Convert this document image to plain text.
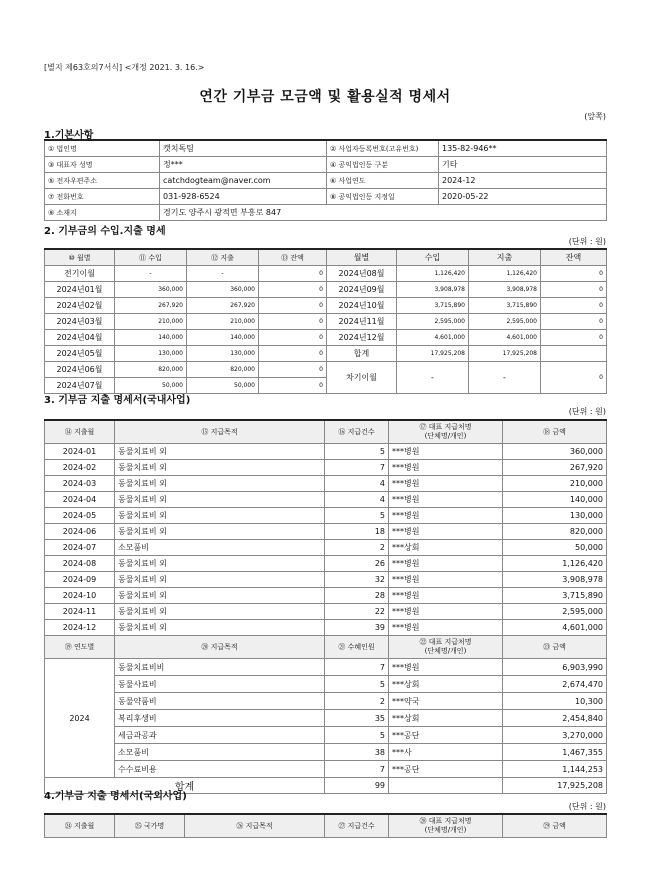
[별지 제63호의7서식] <개정 2021. 3. 16.>
연간 기부금 모금액 및 활용실적 명세서
(앞쪽)
1.기본사항
① 법인명	캣치독팀	② 사업자등록번호(고유번호)	135-82-946**
③ 대표자 성명	정***	④ 공익법인등 구분	기타
⑤ 전자우편주소	catchdogteam@naver.com	⑥ 사업연도	2024-12
⑦ 전화번호	031-928-6524	⑧ 공익법인등 지정일	2020-05-22
⑨ 소재지	경기도 양주시 광적면 부흥로 847		
2. 기부금의 수입.지출 명세
(단위 : 원)
⑩ 월별	⑪ 수입	⑫ 지출	⑬ 잔액	월별	수입	지출	잔액
전기이월	-	-	0	2024년08월	1,126,420	1,126,420	0
2024년01월	360,000	360,000	0	2024년09월	3,908,978	3,908,978	0
2024년02월	267,920	267,920	0	2024년10월	3,715,890	3,715,890	0
2024년03월	210,000	210,000	0	2024년11월	2,595,000	2,595,000	0
2024년04월	140,000	140,000	0	2024년12월	4,601,000	4,601,000	0
2024년05월	130,000	130,000	0	합계	17,925,208	17,925,208	
2024년06월	820,000	820,000	0	차기이월	-	-	0
2024년07월	50,000	50,000	0				
3. 기부금 지출 명세서(국내사업)
(단위 : 원)
⑭ 지출월	⑮ 지급목적	⑯ 지급건수	⑰ 대표 지급처명
(단체명/개인)	⑱ 금액
2024-01	동물치료비 외	5	***병원	360,000
2024-02	동물치료비 외	7	***병원	267,920
2024-03	동물치료비 외	4	***병원	210,000
2024-04	동물치료비 외	4	***병원	140,000
2024-05	동물치료비 외	5	***병원	130,000
2024-06	동물치료비 외	18	***병원	820,000
2024-07	소모품비	2	***상회	50,000
2024-08	동물치료비 외	26	***병원	1,126,420
2024-09	동물치료비 외	32	***병원	3,908,978
2024-10	동물치료비 외	28	***병원	3,715,890
2024-11	동물치료비 외	22	***병원	2,595,000
2024-12	동물치료비 외	39	***병원	4,601,000
⑲ 연도별	⑳ 지급목적	㉑ 수혜인원	㉒ 대표 지급처명
(단체명/개인)	㉓ 금액
2024	동물치료비비	7	***병원	6,903,990
	동물사료비	5	***상회	2,674,470
	동물약품비	2	***약국	10,300
	복리후생비	35	***상회	2,454,840
	세금과공과	5	***공단	3,270,000
	소모품비	38	***사	1,467,355
	수수료비용	7	***공단	1,144,253
합계		99		17,925,208
4.기부금 지출 명세서(국외사업)
(단위 : 원)
㉔ 지출월	㉕ 국가명	㉖ 지급목적	㉗ 지급건수	
㉘ 대표 지급처명
(단체명/개인)
	㉙ 금액
